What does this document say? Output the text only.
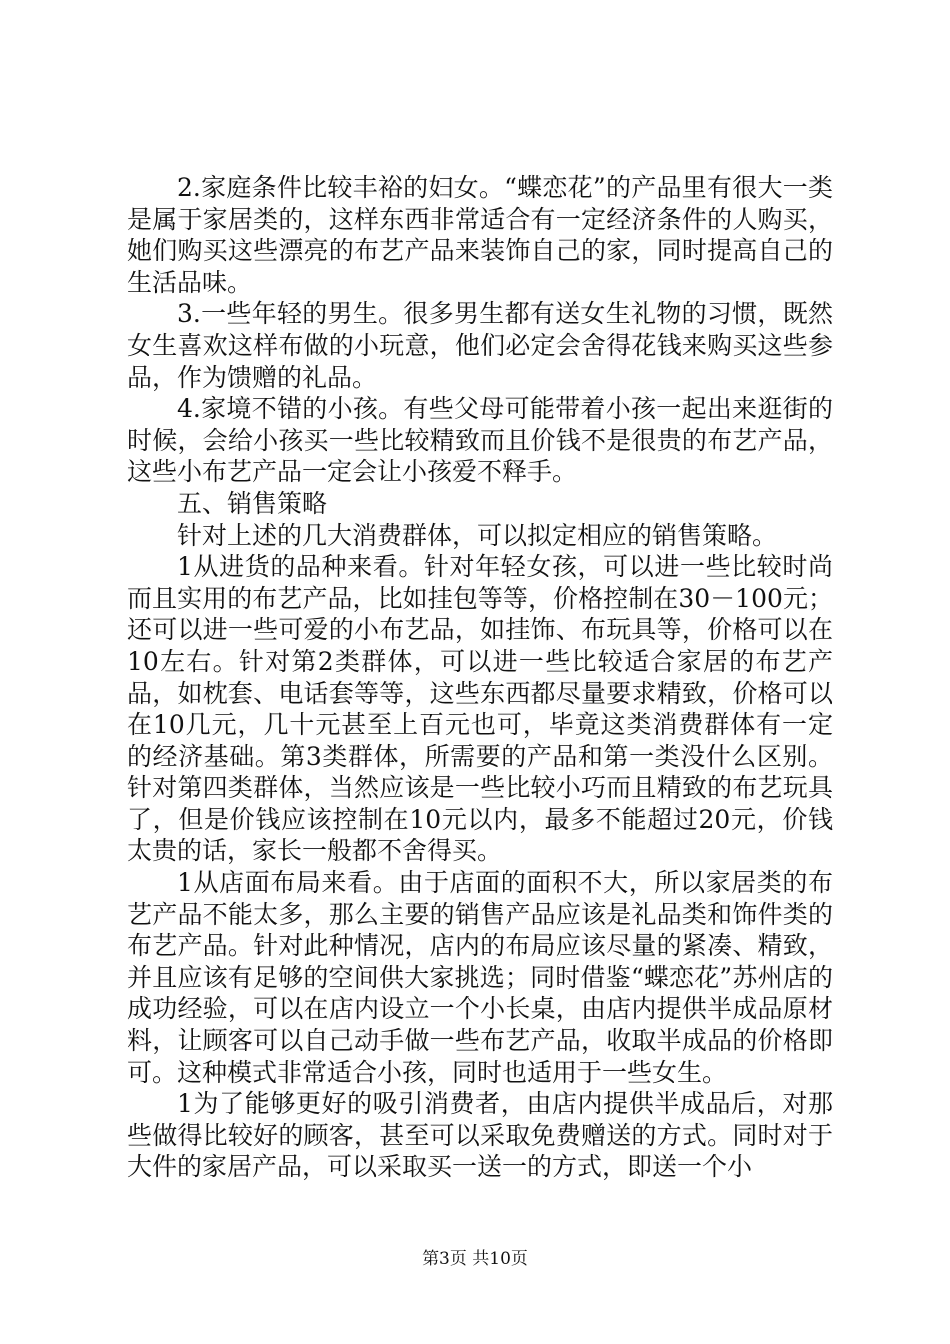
2.家庭条件比较丰裕的妇女。“蝶恋花”的产品里有很大一类是属于家居类的，这样东西非常适合有一定经济条件的人购买，她们购买这些漂亮的布艺产品来装饰自己的家，同时提高自己的生活品味。

3.一些年轻的男生。很多男生都有送女生礼物的习惯，既然女生喜欢这样布做的小玩意，他们必定会舍得花钱来购买这些参品，作为馈赠的礼品。

4.家境不错的小孩。有些父母可能带着小孩一起出来逛街的时候，会给小孩买一些比较精致而且价钱不是很贵的布艺产品，这些小布艺产品一定会让小孩爱不释手。

五、销售策略

针对上述的几大消费群体，可以拟定相应的销售策略。

1从进货的品种来看。针对年轻女孩，可以进一些比较时尚而且实用的布艺产品，比如挂包等等，价格控制在30－100元；还可以进一些可爱的小布艺品，如挂饰、布玩具等，价格可以在10左右。针对第2类群体，可以进一些比较适合家居的布艺产品，如枕套、电话套等等，这些东西都尽量要求精致，价格可以在10几元，几十元甚至上百元也可，毕竟这类消费群体有一定的经济基础。第3类群体，所需要的产品和第一类没什么区别。针对第四类群体，当然应该是一些比较小巧而且精致的布艺玩具了，但是价钱应该控制在10元以内，最多不能超过20元，价钱太贵的话，家长一般都不舍得买。

1从店面布局来看。由于店面的面积不大，所以家居类的布艺产品不能太多，那么主要的销售产品应该是礼品类和饰件类的布艺产品。针对此种情况，店内的布局应该尽量的紧凑、精致，并且应该有足够的空间供大家挑选；同时借鉴“蝶恋花”苏州店的成功经验，可以在店内设立一个小长桌，由店内提供半成品原材料，让顾客可以自己动手做一些布艺产品，收取半成品的价格即可。这种模式非常适合小孩，同时也适用于一些女生。

1为了能够更好的吸引消费者，由店内提供半成品后，对那些做得比较好的顾客，甚至可以采取免费赠送的方式。同时对于大件的家居产品，可以采取买一送一的方式，即送一个小

第3页 共10页
